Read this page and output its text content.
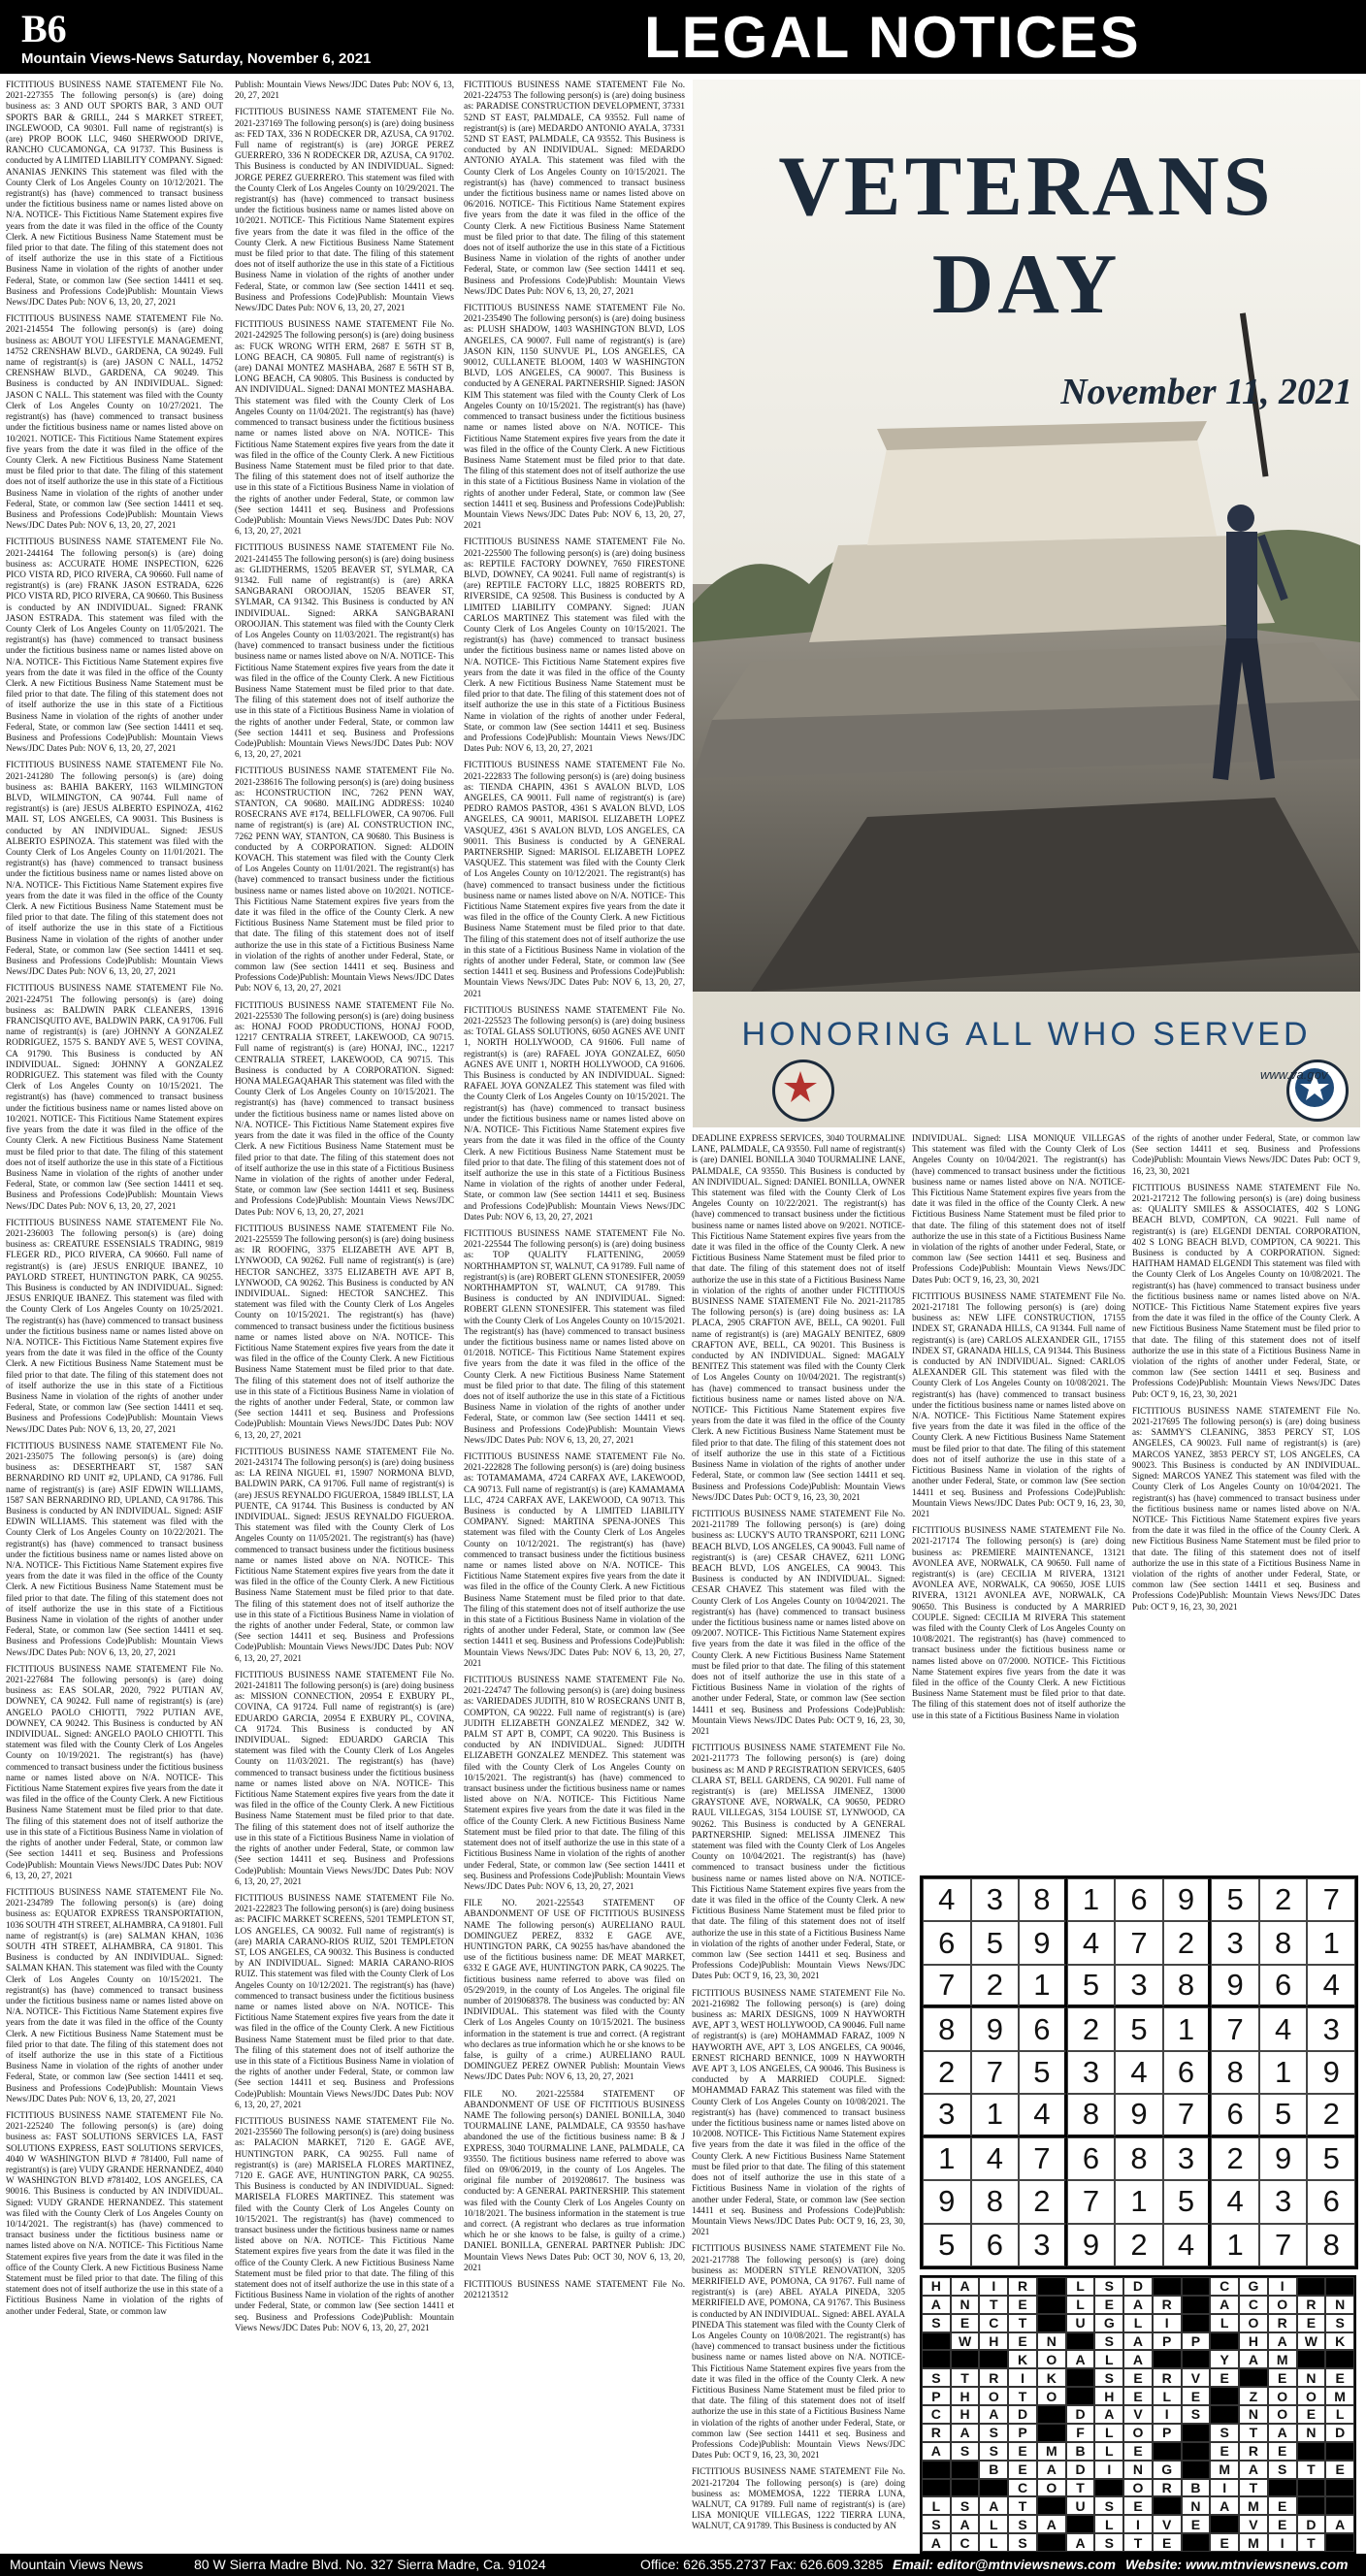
B6
Mountain Views-News Saturday, November 6, 2021	LEGAL NOTICES

FICTITIOUS BUSINESS NAME STATEMENT File No. 2021-227355 The following person(s) is (are) doing business as: 3 AND OUT SPORTS BAR, 3 AND OUT SPORTS BAR & GRILL, 244 S MARKET STREET, INGLEWOOD, CA 90301. Full name of registrant(s) is (are) PROP BOOK LLC, 9460 SHERWOOD DRIVE, RANCHO CUCAMONGA, CA 91737. This Business is conducted by A LIMITED LIABILITY COMPANY. Signed: ANANIAS JENKINS This statement was filed with the County Clerk of Los Angeles County on 10/12/2021. The registrant(s) has (have) commenced to transact business under the fictitious business name or names listed above on N/A. NOTICE- This Fictitious Name Statement expires five years from the date it was filed in the office of the County Clerk. A new Fictitious Business Name Statement must be filed prior to that date. The filing of this statement does not of itself authorize the use in this state of a Fictitious Business Name in violation of the rights of another under Federal, State, or common law (See section 14411 et seq. Business and Professions Code)Publish: Mountain Views News/JDC Dates Pub: NOV 6, 13, 20, 27, 2021

FICTITIOUS BUSINESS NAME STATEMENT File No. 2021-214554 The following person(s) is (are) doing business as: ABOUT YOU LIFESTYLE MANAGEMENT, 14752 CRENSHAW BLVD., GARDENA, CA 90249. Full name of registrant(s) is (are) JASON C NALL, 14752 CRENSHAW BLVD., GARDENA, CA 90249. This Business is conducted by AN INDIVIDUAL. Signed: JASON C NALL. This statement was filed with the County Clerk of Los Angeles County on 10/27/2021. The registrant(s) has (have) commenced to transact business under the fictitious business name or names listed above on 10/2021. NOTICE- This Fictitious Name Statement expires five years from the date it was filed in the office of the County Clerk. A new Fictitious Business Name Statement must be filed prior to that date. The filing of this statement does not of itself authorize the use in this state of a Fictitious Business Name in violation of the rights of another under Federal, State, or common law (See section 14411 et seq. Business and Professions Code)Publish: Mountain Views News/JDC Dates Pub: NOV 6, 13, 20, 27, 2021

FICTITIOUS BUSINESS NAME STATEMENT File No. 2021-244164 The following person(s) is (are) doing business as: ACCURATE HOME INSPECTION, 6226 PICO VISTA RD, PICO RIVERA, CA 90660. Full name of registrant(s) is (are) FRANK JASON ESTRADA, 6226 PICO VISTA RD, PICO RIVERA, CA 90660. This Business is conducted by AN INDIVIDUAL. Signed: FRANK JASON ESTRADA. This statement was filed with the County Clerk of Los Angeles County on 11/05/2021. The registrant(s) has (have) commenced to transact business under the fictitious business name or names listed above on N/A. NOTICE- This Fictitious Name Statement expires five years from the date it was filed in the office of the County Clerk. A new Fictitious Business Name Statement must be filed prior to that date. The filing of this statement does not of itself authorize the use in this state of a Fictitious Business Name in violation of the rights of another under Federal, State, or common law (See section 14411 et seq. Business and Professions Code)Publish: Mountain Views News/JDC Dates Pub: NOV 6, 13, 20, 27, 2021

FICTITIOUS BUSINESS NAME STATEMENT File No. 2021-241280 The following person(s) is (are) doing business as: BAHIA BAKERY, 1163 WILMINGTON BLVD, WILMINGTON, CA 90744. Full name of registrant(s) is (are) JESUS ALBERTO ESPINOZA, 4162 MAIL ST, LOS ANGELES, CA 90031. This Business is conducted by AN INDIVIDUAL. Signed: JESUS ALBERTO ESPINOZA. This statement was filed with the County Clerk of Los Angeles County on 11/01/2021. The registrant(s) has (have) commenced to transact business under the fictitious business name or names listed above on N/A. NOTICE- This Fictitious Name Statement expires five years from the date it was filed in the office of the County Clerk. A new Fictitious Business Name Statement must be filed prior to that date. The filing of this statement does not of itself authorize the use in this state of a Fictitious Business Name in violation of the rights of another under Federal, State, or common law (See section 14411 et seq. Business and Professions Code)Publish: Mountain Views News/JDC Dates Pub: NOV 6, 13, 20, 27, 2021

FICTITIOUS BUSINESS NAME STATEMENT File No. 2021-224751 The following person(s) is (are) doing business as: BALDWIN PARK CLEANERS, 13916 FRANCISQUITO AVE, BALDWIN PARK, CA 91706. Full name of registrant(s) is (are) JOHNNY A GONZALEZ RODRIGUEZ, 1575 S. BANDY AVE 5, WEST COVINA, CA 91790. This Business is conducted by AN INDIVIDUAL. Signed: JOHNNY A GONZALEZ RODRIGUEZ. This statement was filed with the County Clerk of Los Angeles County on 10/15/2021. The registrant(s) has (have) commenced to transact business under the fictitious business name or names listed above on 10/2021. NOTICE- This Fictitious Name Statement expires five years from the date it was filed in the office of the County Clerk. A new Fictitious Business Name Statement must be filed prior to that date. The filing of this statement does not of itself authorize the use in this state of a Fictitious Business Name in violation of the rights of another under Federal, State, or common law (See section 14411 et seq. Business and Professions Code)Publish: Mountain Views News/JDC Dates Pub: NOV 6, 13, 20, 27, 2021

FICTITIOUS BUSINESS NAME STATEMENT File No. 2021-236003 The following person(s) is (are) doing business as: CREATURE ESSENSIALS TRADING, 9819 FLEGER RD., PICO RIVERA, CA 90660. Full name of registrant(s) is (are) JESUS ENRIQUE IBANEZ, 10 PAYLORD STREET, HUNTINGTON PARK, CA 90255. This Business is conducted by AN INDIVIDUAL. Signed: JESUS ENRIQUE IBANEZ. This statement was filed with the County Clerk of Los Angeles County on 10/25/2021. The registrant(s) has (have) commenced to transact business under the fictitious business name or names listed above on N/A. NOTICE- This Fictitious Name Statement expires five years from the date it was filed in the office of the County Clerk. A new Fictitious Business Name Statement must be filed prior to that date. The filing of this statement does not of itself authorize the use in this state of a Fictitious Business Name in violation of the rights of another under Federal, State, or common law (See section 14411 et seq. Business and Professions Code)Publish: Mountain Views News/JDC Dates Pub: NOV 6, 13, 20, 27, 2021

FICTITIOUS BUSINESS NAME STATEMENT File No. 2021-235075 The following person(s) is (are) doing business as: DESERTHEART ST, 1587 SAN BERNARDINO RD UNIT #2, UPLAND, CA 91786. Full name of registrant(s) is (are) ASIF EDWIN WILLIAMS, 1587 SAN BERNARDINO RD, UPLAND, CA 91786. This Business is conducted by AN INDIVIDUAL. Signed: ASIF EDWIN WILLIAMS. This statement was filed with the County Clerk of Los Angeles County on 10/22/2021. The registrant(s) has (have) commenced to transact business under the fictitious business name or names listed above on N/A. NOTICE- This Fictitious Name Statement expires five years from the date it was filed in the office of the County Clerk. A new Fictitious Business Name Statement must be filed prior to that date. The filing of this statement does not of itself authorize the use in this state of a Fictitious Business Name in violation of the rights of another under Federal, State, or common law (See section 14411 et seq. Business and Professions Code)Publish: Mountain Views News/JDC Dates Pub: NOV 6, 13, 20, 27, 2021

FICTITIOUS BUSINESS NAME STATEMENT File No. 2021-227684 The following person(s) is (are) doing business as: EAS SOLAR, 2020, 7922 PUTIAN AV, DOWNEY, CA 90242. Full name of registrant(s) is (are) ANGELO PAOLO CHIOTTI, 7922 PUTIAN AVE, DOWNEY, CA 90242. This Business is conducted by AN INDIVIDUAL. Signed: ANGELO PAOLO CHIOTTI. This statement was filed with the County Clerk of Los Angeles County on 10/19/2021. The registrant(s) has (have) commenced to transact business under the fictitious business name or names listed above on N/A. NOTICE- This Fictitious Name Statement expires five years from the date it was filed in the office of the County Clerk. A new Fictitious Business Name Statement must be filed prior to that date. The filing of this statement does not of itself authorize the use in this state of a Fictitious Business Name in violation of the rights of another under Federal, State, or common law (See section 14411 et seq. Business and Professions Code)Publish: Mountain Views News/JDC Dates Pub: NOV 6, 13, 20, 27, 2021

FICTITIOUS BUSINESS NAME STATEMENT File No. 2021-234789 The following person(s) is (are) doing business as: EQUATOR EXPRESS TRANSPORTATION, 1036 SOUTH 4TH STREET, ALHAMBRA, CA 91801. Full name of registrant(s) is (are) SALMAN KHAN, 1036 SOUTH 4TH STREET, ALHAMBRA, CA 91801. This Business is conducted by AN INDIVIDUAL. Signed: SALMAN KHAN. This statement was filed with the County Clerk of Los Angeles County on 10/15/2021. The registrant(s) has (have) commenced to transact business under the fictitious business name or names listed above on N/A. NOTICE- This Fictitious Name Statement expires five years from the date it was filed in the office of the County Clerk. A new Fictitious Business Name Statement must be filed prior to that date. The filing of this statement does not of itself authorize the use in this state of a Fictitious Business Name in violation of the rights of another under Federal, State, or common law (See section 14411 et seq. Business and Professions Code)Publish: Mountain Views News/JDC Dates Pub: NOV 6, 13, 20, 27, 2021

FICTITIOUS BUSINESS NAME STATEMENT File No. 2021-225240 The following person(s) is (are) doing business as: FAST SOLUTIONS SERVICES LA, FAST SOLUTIONS EXPRESS, EAST SOLUTIONS SERVICES, 4040 W WASHINGTON BLVD # 781400, Full name of registrant(s) is (are) VUDY GRANDE HERNANDEZ, 4040 W WASHINGTON BLVD #781402, LOS ANGELES, CA 90016. This Business is conducted by AN INDIVIDUAL. Signed: VUDY GRANDE HERNANDEZ. This statement was filed with the County Clerk of Los Angeles County on 10/14/2021. The registrant(s) has (have) commenced to transact business under the fictitious business name or names listed above on N/A. NOTICE- This Fictitious Name Statement expires five years from the date it was filed in the office of the County Clerk. A new Fictitious Business Name Statement must be filed prior to that date. The filing of this statement does not of itself authorize the use in this state of a Fictitious Business Name in violation of the rights of another under Federal, State, or common law

Publish: Mountain Views News/JDC Dates Pub: NOV 6, 13, 20, 27, 2021

FICTITIOUS BUSINESS NAME STATEMENT File No. 2021-237169 The following person(s) is (are) doing business as: FED TAX, 336 N RODECKER DR, AZUSA, CA 91702. Full name of registrant(s) is (are) JORGE PEREZ GUERRERO, 336 N RODECKER DR, AZUSA, CA 91702. This Business is conducted by AN INDIVIDUAL. Signed: JORGE PEREZ GUERRERO. This statement was filed with the County Clerk of Los Angeles County on 10/29/2021. The registrant(s) has (have) commenced to transact business under the fictitious business name or names listed above on 10/2021. NOTICE- This Fictitious Name Statement expires five years from the date it was filed in the office of the County Clerk. A new Fictitious Business Name Statement must be filed prior to that date. The filing of this statement does not of itself authorize the use in this state of a Fictitious Business Name in violation of the rights of another under Federal, State, or common law (See section 14411 et seq. Business and Professions Code)Publish: Mountain Views News/JDC Dates Pub: NOV 6, 13, 20, 27, 2021

FICTITIOUS BUSINESS NAME STATEMENT File No. 2021-242925 The following person(s) is (are) doing business as: FUCK WRONG WITH ERM, 2687 E 56TH ST B, LONG BEACH, CA 90805. Full name of registrant(s) is (are) DANAI MONTEZ MASHABA, 2687 E 56TH ST B, LONG BEACH, CA 90805. This Business is conducted by AN INDIVIDUAL. Signed: DANAI MONTEZ MASHABA. This statement was filed with the County Clerk of Los Angeles County on 11/04/2021. The registrant(s) has (have) commenced to transact business under the fictitious business name or names listed above on N/A. NOTICE- This Fictitious Name Statement expires five years from the date it was filed in the office of the County Clerk. A new Fictitious Business Name Statement must be filed prior to that date. The filing of this statement does not of itself authorize the use in this state of a Fictitious Business Name in violation of the rights of another under Federal, State, or common law (See section 14411 et seq. Business and Professions Code)Publish: Mountain Views News/JDC Dates Pub: NOV 6, 13, 20, 27, 2021

FICTITIOUS BUSINESS NAME STATEMENT File No. 2021-241455 The following person(s) is (are) doing business as: GLIDTHERMS, 15205 BEAVER ST, SYLMAR, CA 91342. Full name of registrant(s) is (are) ARKA SANGBARANI OROOJIAN, 15205 BEAVER ST, SYLMAR, CA 91342. This Business is conducted by AN INDIVIDUAL. Signed: ARKA SANGBARANI OROOJIAN. This statement was filed with the County Clerk of Los Angeles County on 11/03/2021. The registrant(s) has (have) commenced to transact business under the fictitious business name or names listed above on N/A. NOTICE- This Fictitious Name Statement expires five years from the date it was filed in the office of the County Clerk. A new Fictitious Business Name Statement must be filed prior to that date. The filing of this statement does not of itself authorize the use in this state of a Fictitious Business Name in violation of the rights of another under Federal, State, or common law (See section 14411 et seq. Business and Professions Code)Publish: Mountain Views News/JDC Dates Pub: NOV 6, 13, 20, 27, 2021

FICTITIOUS BUSINESS NAME STATEMENT File No. 2021-238616 The following person(s) is (are) doing business as: HCONSTRUCTION INC, 7262 PENN WAY, STANTON, CA 90680. MAILING ADDRESS: 10240 ROSECRANS AVE #174, BELLFLOWER, CA 90706. Full name of registrant(s) is (are) AL CONSTRUCTION INC, 7262 PENN WAY, STANTON, CA 90680. This Business is conducted by A CORPORATION. Signed: ALDOIN KOVACH. This statement was filed with the County Clerk of Los Angeles County on 11/01/2021. The registrant(s) has (have) commenced to transact business under the fictitious business name or names listed above on 10/2021. NOTICE- This Fictitious Name Statement expires five years from the date it was filed in the office of the County Clerk. A new Fictitious Business Name Statement must be filed prior to that date. The filing of this statement does not of itself authorize the use in this state of a Fictitious Business Name in violation of the rights of another under Federal, State, or common law (See section 14411 et seq. Business and Professions Code)Publish: Mountain Views News/JDC Dates Pub: NOV 6, 13, 20, 27, 2021

FICTITIOUS BUSINESS NAME STATEMENT File No. 2021-225530 The following person(s) is (are) doing business as: HONAJ FOOD PRODUCTIONS, HONAJ FOOD, 12217 CENTRALIA STREET, LAKEWOOD, CA 90715. Full name of registrant(s) is (are) HONAJ, INC., 12217 CENTRALIA STREET, LAKEWOOD, CA 90715. This Business is conducted by A CORPORATION. Signed: HONA MALEGAQAHAR This statement was filed with the County Clerk of Los Angeles County on 10/15/2021. The registrant(s) has (have) commenced to transact business under the fictitious business name or names listed above on N/A. NOTICE- This Fictitious Name Statement expires five years from the date it was filed in the office of the County Clerk. A new Fictitious Business Name Statement must be filed prior to that date. The filing of this statement does not of itself authorize the use in this state of a Fictitious Business Name in violation of the rights of another under Federal, State, or common law (See section 14411 et seq. Business and Professions Code)Publish: Mountain Views News/JDC Dates Pub: NOV 6, 13, 20, 27, 2021

FICTITIOUS BUSINESS NAME STATEMENT File No. 2021-225559 The following person(s) is (are) doing business as: IR ROOFING, 3375 ELIZABETH AVE APT B, LYNWOOD, CA 90262. Full name of registrant(s) is (are) HECTOR SANCHEZ, 3375 ELIZABETH AVE APT B, LYNWOOD, CA 90262. This Business is conducted by AN INDIVIDUAL. Signed: HECTOR SANCHEZ. This statement was filed with the County Clerk of Los Angeles County on 10/15/2021. The registrant(s) has (have) commenced to transact business under the fictitious business name or names listed above on N/A. NOTICE- This Fictitious Name Statement expires five years from the date it was filed in the office of the County Clerk. A new Fictitious Business Name Statement must be filed prior to that date. The filing of this statement does not of itself authorize the use in this state of a Fictitious Business Name in violation of the rights of another under Federal, State, or common law (See section 14411 et seq. Business and Professions Code)Publish: Mountain Views News/JDC Dates Pub: NOV 6, 13, 20, 27, 2021

FICTITIOUS BUSINESS NAME STATEMENT File No. 2021-243174 The following person(s) is (are) doing business as: LA REINA NIGUEL #1, 15907 NORMONA BLVD, BALDWIN PARK, CA 91706. Full name of registrant(s) is (are) JESUS REYNALDO FIGUEROA, 15849 IBLLST, LA PUENTE, CA 91744. This Business is conducted by AN INDIVIDUAL. Signed: JESUS REYNALDO FIGUEROA. This statement was filed with the County Clerk of Los Angeles County on 11/05/2021. The registrant(s) has (have) commenced to transact business under the fictitious business name or names listed above on N/A. NOTICE- This Fictitious Name Statement expires five years from the date it was filed in the office of the County Clerk. A new Fictitious Business Name Statement must be filed prior to that date. The filing of this statement does not of itself authorize the use in this state of a Fictitious Business Name in violation of the rights of another under Federal, State, or common law (See section 14411 et seq. Business and Professions Code)Publish: Mountain Views News/JDC Dates Pub: NOV 6, 13, 20, 27, 2021

FICTITIOUS BUSINESS NAME STATEMENT File No. 2021-241811 The following person(s) is (are) doing business as: MISSION CONNECTION, 20954 E EXBURY PL, COVINA, CA 91724. Full name of registrant(s) is (are) EDUARDO GARCIA, 20954 E EXBURY PL, COVINA, CA 91724. This Business is conducted by AN INDIVIDUAL. Signed: EDUARDO GARCIA This statement was filed with the County Clerk of Los Angeles County on 11/03/2021. The registrant(s) has (have) commenced to transact business under the fictitious business name or names listed above on N/A. NOTICE- This Fictitious Name Statement expires five years from the date it was filed in the office of the County Clerk. A new Fictitious Business Name Statement must be filed prior to that date. The filing of this statement does not of itself authorize the use in this state of a Fictitious Business Name in violation of the rights of another under Federal, State, or common law (See section 14411 et seq. Business and Professions Code)Publish: Mountain Views News/JDC Dates Pub: NOV 6, 13, 20, 27, 2021

FICTITIOUS BUSINESS NAME STATEMENT File No. 2021-222823 The following person(s) is (are) doing business as: PACIFIC MARKET SCREENS, 5201 TEMPLETON ST, LOS ANGELES, CA 90032. Full name of registrant(s) is (are) MARIA CARANO-RIOS RUIZ, 5201 TEMPLETON ST, LOS ANGELES, CA 90032. This Business is conducted by AN INDIVIDUAL. Signed: MARIA CARANO-RIOS RUIZ. This statement was filed with the County Clerk of Los Angeles County on 10/12/2021. The registrant(s) has (have) commenced to transact business under the fictitious business name or names listed above on N/A. NOTICE- This Fictitious Name Statement expires five years from the date it was filed in the office of the County Clerk. A new Fictitious Business Name Statement must be filed prior to that date. The filing of this statement does not of itself authorize the use in this state of a Fictitious Business Name in violation of the rights of another under Federal, State, or common law (See section 14411 et seq. Business and Professions Code)Publish: Mountain Views News/JDC Dates Pub: NOV 6, 13, 20, 27, 2021

FICTITIOUS BUSINESS NAME STATEMENT File No. 2021-235560 The following person(s) is (are) doing business as: PALACION MARKET, 7120 E. GAGE AVE, HUNTINGTON PARK, CA 90255. Full name of registrant(s) is (are) MARISELA FLORES MARTINEZ, 7120 E. GAGE AVE, HUNTINGTON PARK, CA 90255. This Business is conducted by AN INDIVIDUAL. Signed: MARISELA FLORES MARTINEZ. This statement was filed with the County Clerk of Los Angeles County on 10/15/2021. The registrant(s) has (have) commenced to transact business under the fictitious business name or names listed above on N/A. NOTICE- This Fictitious Name Statement expires five years from the date it was filed in the office of the County Clerk. A new Fictitious Business Name Statement must be filed prior to that date. The filing of this statement does not of itself authorize the use in this state of a Fictitious Business Name in violation of the rights of another under Federal, State, or common law (See section 14411 et seq. Business and Professions Code)Publish: Mountain Views News/JDC Dates Pub: NOV 6, 13, 20, 27, 2021

FICTITIOUS BUSINESS NAME STATEMENT File No. 2021-224753 The following person(s) is (are) doing business as: PARADISE CONSTRUCTION DEVELOPMENT, 37331 52ND ST EAST, PALMDALE, CA 93552. Full name of registrant(s) is (are) MEDARDO ANTONIO AYALA, 37331 52ND ST EAST, PALMDALE, CA 93552. This Business is conducted by AN INDIVIDUAL. Signed: MEDARDO ANTONIO AYALA. This statement was filed with the County Clerk of Los Angeles County on 10/15/2021. The registrant(s) has (have) commenced to transact business under the fictitious business name or names listed above on 06/2016. NOTICE- This Fictitious Name Statement expires five years from the date it was filed in the office of the County Clerk. A new Fictitious Business Name Statement must be filed prior to that date. The filing of this statement does not of itself authorize the use in this state of a Fictitious Business Name in violation of the rights of another under Federal, State, or common law (See section 14411 et seq. Business and Professions Code)Publish: Mountain Views News/JDC Dates Pub: NOV 6, 13, 20, 27, 2021

FICTITIOUS BUSINESS NAME STATEMENT File No. 2021-235490 The following person(s) is (are) doing business as: PLUSH SHADOW, 1403 WASHINGTON BLVD, LOS ANGELES, CA 90007. Full name of registrant(s) is (are) JASON KIN, 1150 SUNVUE PL, LOS ANGELES, CA 90012, CULLANETE BLOOM, 1403 W WASHINGTON BLVD, LOS ANGELES, CA 90007. This Business is conducted by A GENERAL PARTNERSHIP. Signed: JASON KIM This statement was filed with the County Clerk of Los Angeles County on 10/15/2021. The registrant(s) has (have) commenced to transact business under the fictitious business name or names listed above on N/A. NOTICE- This Fictitious Name Statement expires five years from the date it was filed in the office of the County Clerk. A new Fictitious Business Name Statement must be filed prior to that date. The filing of this statement does not of itself authorize the use in this state of a Fictitious Business Name in violation of the rights of another under Federal, State, or common law (See section 14411 et seq. Business and Professions Code)Publish: Mountain Views News/JDC Dates Pub: NOV 6, 13, 20, 27, 2021

FICTITIOUS BUSINESS NAME STATEMENT File No. 2021-225500 The following person(s) is (are) doing business as: REPTILE FACTORY DOWNEY, 7650 FIRESTONE BLVD, DOWNEY, CA 90241. Full name of registrant(s) is (are) REPTILE FACTORY LLC, 18825 ROBERTS RD, RIVERSIDE, CA 92508. This Business is conducted by A LIMITED LIABILITY COMPANY. Signed: JUAN CARLOS MARTINEZ This statement was filed with the County Clerk of Los Angeles County on 10/15/2021. The registrant(s) has (have) commenced to transact business under the fictitious business name or names listed above on N/A. NOTICE- This Fictitious Name Statement expires five years from the date it was filed in the office of the County Clerk. A new Fictitious Business Name Statement must be filed prior to that date. The filing of this statement does not of itself authorize the use in this state of a Fictitious Business Name in violation of the rights of another under Federal, State, or common law (See section 14411 et seq. Business and Professions Code)Publish: Mountain Views News/JDC Dates Pub: NOV 6, 13, 20, 27, 2021

FICTITIOUS BUSINESS NAME STATEMENT File No. 2021-222833 The following person(s) is (are) doing business as: TIENDA CHAPIN, 4361 S AVALON BLVD, LOS ANGELES, CA 90011. Full name of registrant(s) is (are) PEDRO RAMOS PASTOR, 4361 S AVALON BLVD, LOS ANGELES, CA 90011, MARISOL ELIZABETH LOPEZ VASQUEZ, 4361 S AVALON BLVD, LOS ANGELES, CA 90011. This Business is conducted by A GENERAL PARTNERSHIP. Signed: MARISOL ELIZABETH LOPEZ VASQUEZ. This statement was filed with the County Clerk of Los Angeles County on 10/12/2021. The registrant(s) has (have) commenced to transact business under the fictitious business name or names listed above on N/A. NOTICE- This Fictitious Name Statement expires five years from the date it was filed in the office of the County Clerk. A new Fictitious Business Name Statement must be filed prior to that date. The filing of this statement does not of itself authorize the use in this state of a Fictitious Business Name in violation of the rights of another under Federal, State, or common law (See section 14411 et seq. Business and Professions Code)Publish: Mountain Views News/JDC Dates Pub: NOV 6, 13, 20, 27, 2021

FICTITIOUS BUSINESS NAME STATEMENT File No. 2021-225523 The following person(s) is (are) doing business as: TOTAL GLASS SOLUTIONS, 6050 AGNES AVE UNIT 1, NORTH HOLLYWOOD, CA 91606. Full name of registrant(s) is (are) RAFAEL JOYA GONZALEZ, 6050 AGNES AVE UNIT 1, NORTH HOLLYWOOD, CA 91606. This Business is conducted by AN INDIVIDUAL. Signed: RAFAEL JOYA GONZALEZ This statement was filed with the County Clerk of Los Angeles County on 10/15/2021. The registrant(s) has (have) commenced to transact business under the fictitious business name or names listed above on N/A. NOTICE- This Fictitious Name Statement expires five years from the date it was filed in the office of the County Clerk. A new Fictitious Business Name Statement must be filed prior to that date. The filing of this statement does not of itself authorize the use in this state of a Fictitious Business Name in violation of the rights of another under Federal, State, or common law (See section 14411 et seq. Business and Professions Code)Publish: Mountain Views News/JDC Dates Pub: NOV 6, 13, 20, 27, 2021

FICTITIOUS BUSINESS NAME STATEMENT File No. 2021-225544 The following person(s) is (are) doing business as: TOP QUALITY FLATTENING, 20059 NORTHHAMPTON ST, WALNUT, CA 91789. Full name of registrant(s) is (are) ROBERT GLENN STONESIFER, 20059 NORTHHAMPTON ST, WALNUT, CA 91789. This Business is conducted by AN INDIVIDUAL. Signed: ROBERT GLENN STONESIFER. This statement was filed with the County Clerk of Los Angeles County on 10/15/2021. The registrant(s) has (have) commenced to transact business under the fictitious business name or names listed above on 01/2018. NOTICE- This Fictitious Name Statement expires five years from the date it was filed in the office of the County Clerk. A new Fictitious Business Name Statement must be filed prior to that date. The filing of this statement does not of itself authorize the use in this state of a Fictitious Business Name in violation of the rights of another under Federal, State, or common law (See section 14411 et seq. Business and Professions Code)Publish: Mountain Views News/JDC Dates Pub: NOV 6, 13, 20, 27, 2021

FICTITIOUS BUSINESS NAME STATEMENT File No. 2021-222828 The following person(s) is (are) doing business as: TOTAMAMAMA, 4724 CARFAX AVE, LAKEWOOD, CA 90713. Full name of registrant(s) is (are) KAMAMAMA LLC, 4724 CARFAX AVE, LAKEWOOD, CA 90713. This Business is conducted by A LIMITED LIABILITY COMPANY. Signed: MARTINA SPENA-JONES This statement was filed with the County Clerk of Los Angeles County on 10/12/2021. The registrant(s) has (have) commenced to transact business under the fictitious business name or names listed above on N/A. NOTICE- This Fictitious Name Statement expires five years from the date it was filed in the office of the County Clerk. A new Fictitious Business Name Statement must be filed prior to that date. The filing of this statement does not of itself authorize the use in this state of a Fictitious Business Name in violation of the rights of another under Federal, State, or common law (See section 14411 et seq. Business and Professions Code)Publish: Mountain Views News/JDC Dates Pub: NOV 6, 13, 20, 27, 2021

FICTITIOUS BUSINESS NAME STATEMENT File No. 2021-224747 The following person(s) is (are) doing business as: VARIEDADES JUDITH, 810 W ROSECRANS UNIT B, COMPTON, CA 90222. Full name of registrant(s) is (are) JUDITH ELIZABETH GONZALEZ MENDEZ, 342 W. PALM ST APT B, COMPT, CA 90220. This Business is conducted by AN INDIVIDUAL. Signed: JUDITH ELIZABETH GONZALEZ MENDEZ. This statement was filed with the County Clerk of Los Angeles County on 10/15/2021. The registrant(s) has (have) commenced to transact business under the fictitious business name or names listed above on N/A. NOTICE- This Fictitious Name Statement expires five years from the date it was filed in the office of the County Clerk. A new Fictitious Business Name Statement must be filed prior to that date. The filing of this statement does not of itself authorize the use in this state of a Fictitious Business Name in violation of the rights of another under Federal, State, or common law (See section 14411 et seq. Business and Professions Code)Publish: Mountain Views News/JDC Dates Pub: NOV 6, 13, 20, 27, 2021

FILE NO. 2021-225543 STATEMENT OF ABANDONMENT OF USE OF FICTITIOUS BUSINESS NAME The following person(s) AURELIANO RAUL DOMINGUEZ PEREZ, 8332 E GAGE AVE, HUNTINGTON PARK, CA 90255 has/have abandoned the use of the fictitious business name: DE MEAT MARKET, 6332 E GAGE AVE, HUNTINGTON PARK, CA 90225. The fictitious business name referred to above was filed on 05/29/2019, in the county of Los Angeles. The original file number of 2019068378. The business was conducted by: AN INDIVIDUAL. This statement was filed with the County Clerk of Los Angeles County on 10/15/2021. The business information in the statement is true and correct. (A registrant who declares as true information which he or she knows to be false, is guilty of a crime.) AURELIANO RAUL DOMINGUEZ PEREZ OWNER Publish: Mountain Views News/JDC Dates Pub: NOV 6, 13, 20, 27, 2021

FILE NO. 2021-225584 STATEMENT OF ABANDONMENT OF USE OF FICTITIOUS BUSINESS NAME The following person(s) DANIEL BONILLA, 3040 TOURMALINE LANE, PALMDALE, CA 93550 has/have abandoned the use of the fictitious business name: B & J EXPRESS, 3040 TOURMALINE LANE, PALMDALE, CA 93550. The fictitious business name referred to above was filed on 09/06/2019, in the county of Los Angeles. The original file number of 2019208617. The business was conducted by: A GENERAL PARTNERSHIP. This statement was filed with the County Clerk of Los Angeles County on 10/18/2021. The business information in the statement is true and correct. (A registrant who declares as true information which he or she knows to be false, is guilty of a crime.) DANIEL BONILLA, GENERAL PARTNER Publish: JDC Mountain Views News Dates Pub: OCT 30, NOV 6, 13, 20, 2021

FICTITIOUS BUSINESS NAME STATEMENT File No. 2021213512

VETERANS DAY
November 11, 2021
HONORING ALL WHO SERVED
www.va.gov

DEADLINE EXPRESS SERVICES, 3040 TOURMALINE LANE, PALMDALE, CA 93550. Full name of registrant(s) is (are) DANIEL BONILLA 3040 TOURMALINE LANE, PALMDALE, CA 93550. This Business is conducted by AN INDIVIDUAL. Signed: DANIEL BONILLA, OWNER This statement was filed with the County Clerk of Los Angeles County on 10/22/2021. The registrant(s) has (have) commenced to transact business under the fictitious business name or names listed above on 9/2021. NOTICE- This Fictitious Name Statement expires five years from the date it was filed in the office of the County Clerk. A new Fictitious Business Name Statement must be filed prior to that date. The filing of this statement does not of itself authorize the use in this state of a Fictitious Business Name in violation of the rights of another under FICTITIOUS BUSINESS NAME STATEMENT File No. 2021-211785 The following person(s) is (are) doing business as: LA PLACA, 2905 CRAFTON AVE, BELL, CA 90201. Full name of registrant(s) is (are) MAGALY BENITEZ, 6809 CRAFTON AVE, BELL, CA 90201. This Business is conducted by AN INDIVIDUAL. Signed: MAGALY BENITEZ This statement was filed with the County Clerk of Los Angeles County on 10/04/2021. The registrant(s) has (have) commenced to transact business under the fictitious business name or names listed above on N/A. NOTICE- This Fictitious Name Statement expires five years from the date it was filed in the office of the County Clerk. A new Fictitious Business Name Statement must be filed prior to that date. The filing of this statement does not of itself authorize the use in this state of a Fictitious Business Name in violation of the rights of another under Federal, State, or common law (See section 14411 et seq. Business and Professions Code)Publish: Mountain Views News/JDC Dates Pub: OCT 9, 16, 23, 30, 2021

FICTITIOUS BUSINESS NAME STATEMENT File No. 2021-211789 The following person(s) is (are) doing business as: LUCKY'S AUTO TRANSPORT, 6211 LONG BEACH BLVD, LOS ANGELES, CA 90043. Full name of registrant(s) is (are) CESAR CHAVEZ, 6211 LONG BEACH BLVD, LOS ANGELES, CA 90043. This Business is conducted by AN INDIVIDUAL. Signed: CESAR CHAVEZ This statement was filed with the County Clerk of Los Angeles County on 10/04/2021. The registrant(s) has (have) commenced to transact business under the fictitious business name or names listed above on 09/2007. NOTICE- This Fictitious Name Statement expires five years from the date it was filed in the office of the County Clerk. A new Fictitious Business Name Statement must be filed prior to that date. The filing of this statement does not of itself authorize the use in this state of a Fictitious Business Name in violation of the rights of another under Federal, State, or common law (See section 14411 et seq. Business and Professions Code)Publish: Mountain Views News/JDC Dates Pub: OCT 9, 16, 23, 30, 2021

FICTITIOUS BUSINESS NAME STATEMENT File No. 2021-211773 The following person(s) is (are) doing business as: M AND P REGISTRATION SERVICES, 6405 CLARA ST, BELL GARDENS, CA 90201. Full name of registrant(s) is (are) MELISSA JIMENEZ, 13000 GRAYSTONE AVE, NORWALK, CA 90650, PEDRO RAUL VILLEGAS, 3154 LOUISE ST, LYNWOOD, CA 90262. This Business is conducted by A GENERAL PARTNERSHIP. Signed: MELISSA JIMENEZ This statement was filed with the County Clerk of Los Angeles County on 10/04/2021. The registrant(s) has (have) commenced to transact business under the fictitious business name or names listed above on N/A. NOTICE- This Fictitious Name Statement expires five years from the date it was filed in the office of the County Clerk. A new Fictitious Business Name Statement must be filed prior to that date. The filing of this statement does not of itself authorize the use in this state of a Fictitious Business Name in violation of the rights of another under Federal, State, or common law (See section 14411 et seq. Business and Professions Code)Publish: Mountain Views News/JDC Dates Pub: OCT 9, 16, 23, 30, 2021

FICTITIOUS BUSINESS NAME STATEMENT File No. 2021-216982 The following person(s) is (are) doing business as: MARIX DESIGNS, 1009 N HAYWORTH AVE, APT 3, WEST HOLLYWOOD, CA 90046. Full name of registrant(s) is (are) MOHAMMAD FARAZ, 1009 N HAYWORTH AVE, APT 3, LOS ANGELES, CA 90046, ERNEST RICHARD BENNICE, 1009 N HAYWORTH AVE APT 3, LOS ANGELES, CA 90046. This Business is conducted by A MARRIED COUPLE. Signed: MOHAMMAD FARAZ This statement was filed with the County Clerk of Los Angeles County on 10/08/2021. The registrant(s) has (have) commenced to transact business under the fictitious business name or names listed above on 10/2008. NOTICE- This Fictitious Name Statement expires five years from the date it was filed in the office of the County Clerk. A new Fictitious Business Name Statement must be filed prior to that date. The filing of this statement does not of itself authorize the use in this state of a Fictitious Business Name in violation of the rights of another under Federal, State, or common law (See section 14411 et seq. Business and Professions Code)Publish: Mountain Views News/JDC Dates Pub: OCT 9, 16, 23, 30, 2021

FICTITIOUS BUSINESS NAME STATEMENT File No. 2021-217788 The following person(s) is (are) doing business as: MODERN STYLE RENOVATION, 3205 MERRIFIELD AVE, POMONA, CA 91767. Full name of registrant(s) is (are) ABEL AYALA PINEDA, 3205 MERRIFIELD AVE, POMONA, CA 91767. This Business is conducted by AN INDIVIDUAL. Signed: ABEL AYALA PINEDA This statement was filed with the County Clerk of Los Angeles County on 10/08/2021. The registrant(s) has (have) commenced to transact business under the fictitious business name or names listed above on N/A. NOTICE- This Fictitious Name Statement expires five years from the date it was filed in the office of the County Clerk. A new Fictitious Business Name Statement must be filed prior to that date. The filing of this statement does not of itself authorize the use in this state of a Fictitious Business Name in violation of the rights of another under Federal, State, or common law (See section 14411 et seq. Business and Professions Code)Publish: Mountain Views News/JDC Dates Pub: OCT 9, 16, 23, 30, 2021

FICTITIOUS BUSINESS NAME STATEMENT File No. 2021-217204 The following person(s) is (are) doing business as: MOMEMOSA, 1222 TIERRA LUNA, WALNUT, CA 91789. Full name of registrant(s) is (are) LISA MONIQUE VILLEGAS, 1222 TIERRA LUNA, WALNUT, CA 91789. This Business is conducted by AN

INDIVIDUAL. Signed: LISA MONIQUE VILLEGAS This statement was filed with the County Clerk of Los Angeles County on 10/04/2021. The registrant(s) has (have) commenced to transact business under the fictitious business name or names listed above on N/A. NOTICE- This Fictitious Name Statement expires five years from the date it was filed in the office of the County Clerk. A new Fictitious Business Name Statement must be filed prior to that date. The filing of this statement does not of itself authorize the use in this state of a Fictitious Business Name in violation of the rights of another under Federal, State, or common law (See section 14411 et seq. Business and Professions Code)Publish: Mountain Views News/JDC Dates Pub: OCT 9, 16, 23, 30, 2021

FICTITIOUS BUSINESS NAME STATEMENT File No. 2021-217181 The following person(s) is (are) doing business as: NEW LIFE CONSTRUCTION, 17155 INDEX ST, GRANADA HILLS, CA 91344. Full name of registrant(s) is (are) CARLOS ALEXANDER GIL, 17155 INDEX ST, GRANADA HILLS, CA 91344. This Business is conducted by AN INDIVIDUAL. Signed: CARLOS ALEXANDER GIL This statement was filed with the County Clerk of Los Angeles County on 10/08/2021. The registrant(s) has (have) commenced to transact business under the fictitious business name or names listed above on N/A. NOTICE- This Fictitious Name Statement expires five years from the date it was filed in the office of the County Clerk. A new Fictitious Business Name Statement must be filed prior to that date. The filing of this statement does not of itself authorize the use in this state of a Fictitious Business Name in violation of the rights of another under Federal, State, or common law (See section 14411 et seq. Business and Professions Code)Publish: Mountain Views News/JDC Dates Pub: OCT 9, 16, 23, 30, 2021

FICTITIOUS BUSINESS NAME STATEMENT File No. 2021-217174 The following person(s) is (are) doing business as: PREMIERE MAINTENANCE, 13121 AVONLEA AVE, NORWALK, CA 90650. Full name of registrant(s) is (are) CECILIA M RIVERA, 13121 AVONLEA AVE, NORWALK, CA 90650, JOSE LUIS RIVERA, 13121 AVONLEA AVE, NORWALK, CA 90650. This Business is conducted by A MARRIED COUPLE. Signed: CECILIA M RIVERA This statement was filed with the County Clerk of Los Angeles County on 10/08/2021. The registrant(s) has (have) commenced to transact business under the fictitious business name or names listed above on 07/2000. NOTICE- This Fictitious Name Statement expires five years from the date it was filed in the office of the County Clerk. A new Fictitious Business Name Statement must be filed prior to that date. The filing of this statement does not of itself authorize the use in this state of a Fictitious Business Name in violation

of the rights of another under Federal, State, or common law (See section 14411 et seq. Business and Professions Code)Publish: Mountain Views News/JDC Dates Pub: OCT 9, 16, 23, 30, 2021

FICTITIOUS BUSINESS NAME STATEMENT File No. 2021-217212 The following person(s) is (are) doing business as: QUALITY SMILES & ASSOCIATES, 402 S LONG BEACH BLVD, COMPTON, CA 90221. Full name of registrant(s) is (are) ELGENDI DENTAL CORPORATION, 402 S LONG BEACH BLVD, COMPTON, CA 90221. This Business is conducted by A CORPORATION. Signed: HAITHAM HAMAD ELGENDI This statement was filed with the County Clerk of Los Angeles County on 10/08/2021. The registrant(s) has (have) commenced to transact business under the fictitious business name or names listed above on N/A. NOTICE- This Fictitious Name Statement expires five years from the date it was filed in the office of the County Clerk. A new Fictitious Business Name Statement must be filed prior to that date. The filing of this statement does not of itself authorize the use in this state of a Fictitious Business Name in violation of the rights of another under Federal, State, or common law (See section 14411 et seq. Business and Professions Code)Publish: Mountain Views News/JDC Dates Pub: OCT 9, 16, 23, 30, 2021

FICTITIOUS BUSINESS NAME STATEMENT File No. 2021-217695 The following person(s) is (are) doing business as: SAMMY'S CLEANING, 3853 PERCY ST, LOS ANGELES, CA 90023. Full name of registrant(s) is (are) MARCOS YANEZ, 3853 PERCY ST, LOS ANGELES, CA 90023. This Business is conducted by AN INDIVIDUAL. Signed: MARCOS YANEZ This statement was filed with the County Clerk of Los Angeles County on 10/04/2021. The registrant(s) has (have) commenced to transact business under the fictitious business name or names listed above on N/A. NOTICE- This Fictitious Name Statement expires five years from the date it was filed in the office of the County Clerk. A new Fictitious Business Name Statement must be filed prior to that date. The filing of this statement does not of itself authorize the use in this state of a Fictitious Business Name in violation of the rights of another under Federal, State, or common law (See section 14411 et seq. Business and Professions Code)Publish: Mountain Views News/JDC Dates Pub: OCT 9, 16, 23, 30, 2021

4	3	8	1	6	9	5	2	7
6	5	9	4	7	2	3	8	1
7	2	1	5	3	8	9	6	4
8	9	6	2	5	1	7	4	3
2	7	5	3	4	6	8	1	9
3	1	4	8	9	7	6	5	2
1	4	7	6	8	3	2	9	5
9	8	2	7	1	5	4	3	6
5	6	3	9	2	4	1	7	8
H	A	I	R	L	S	D	C	G	I
A	N	T	E	L	E	A	R	A	C	O	R	N
S	E	C	T	U	G	L	I	L	O	R	E	S
W	H	E	N	S	A	P	P	H	A	W	K
K	O	A	L	A	Y	A	M
S	T	R	I	K	S	E	R	V	E	E	N	E
P	H	O	T	O	H	E	L	E	Z	O	O	M
C	H	A	D	D	A	V	I	S	N	O	E	L
R	A	S	P	F	L	O	P	S	T	A	N	D
A	S	S	E	M	B	L	E	E	R	E
B	E	A	D	I	N	G	M	A	S	T	E
C	O	T	O	R	B	I	T
L	S	A	T	U	S	E	N	A	M	E
S	A	L	S	A	L	I	V	E	V	E	D	A
A	C	L	S	A	S	T	E	E	M	I	T
Mountain Views News	80 W Sierra Madre Blvd. No. 327 Sierra Madre, Ca. 91024	Office: 626.355.2737 Fax: 626.609.3285 Email: editor@mtnviewsnews.com Website: www.mtnviewsnews.com
